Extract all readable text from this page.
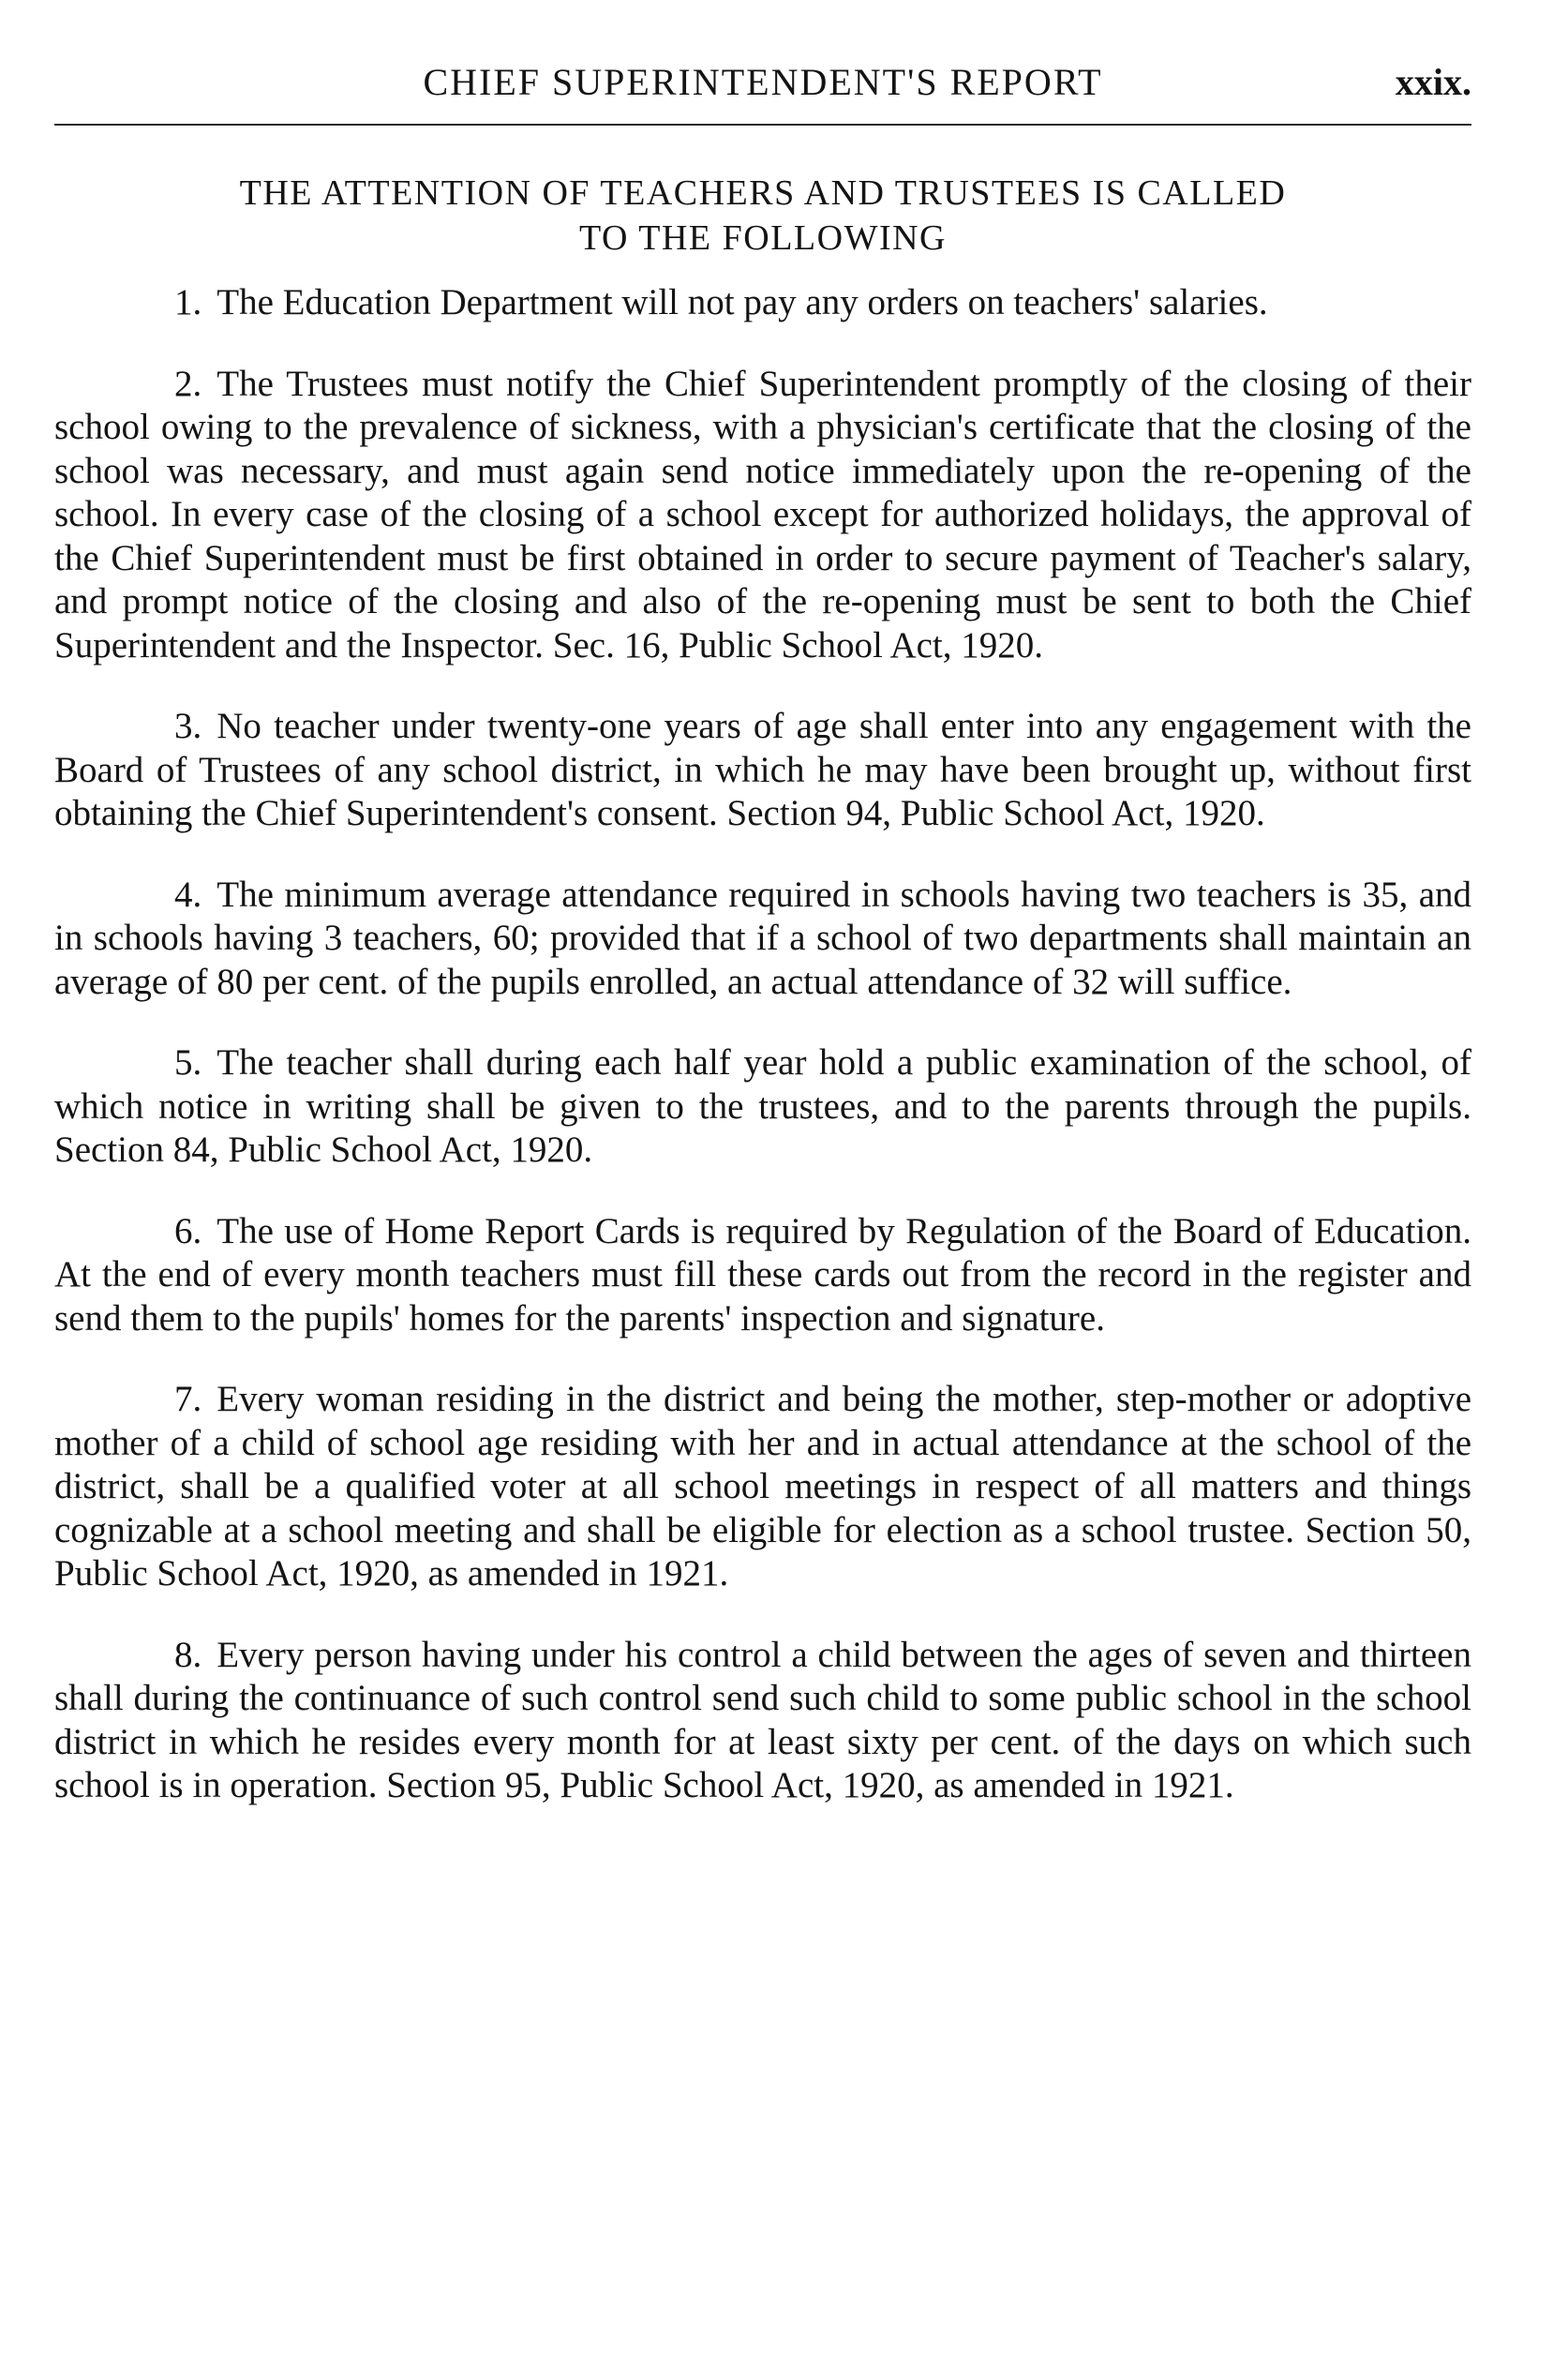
CHIEF SUPERINTENDENT'S REPORT	xxix.
THE ATTENTION OF TEACHERS AND TRUSTEES IS CALLED
TO THE FOLLOWING

1. The Education Department will not pay any orders on teachers' salaries.

2. The Trustees must notify the Chief Superintendent promptly of the closing of their school owing to the prevalence of sickness, with a physician's certificate that the closing of the school was necessary, and must again send notice immediately upon the re-opening of the school. In every case of the closing of a school except for authorized holidays, the approval of the Chief Superintendent must be first obtained in order to secure payment of Teacher's salary, and prompt notice of the closing and also of the re-opening must be sent to both the Chief Superintendent and the Inspector. Sec. 16, Public School Act, 1920.

3. No teacher under twenty-one years of age shall enter into any engagement with the Board of Trustees of any school district, in which he may have been brought up, without first obtaining the Chief Superintendent's consent. Section 94, Public School Act, 1920.

4. The minimum average attendance required in schools having two teachers is 35, and in schools having 3 teachers, 60; provided that if a school of two departments shall maintain an average of 80 per cent. of the pupils enrolled, an actual attendance of 32 will suffice.

5. The teacher shall during each half year hold a public examination of the school, of which notice in writing shall be given to the trustees, and to the parents through the pupils. Section 84, Public School Act, 1920.

6. The use of Home Report Cards is required by Regulation of the Board of Education. At the end of every month teachers must fill these cards out from the record in the register and send them to the pupils' homes for the parents' inspection and signature.

7. Every woman residing in the district and being the mother, step-mother or adoptive mother of a child of school age residing with her and in actual attendance at the school of the district, shall be a qualified voter at all school meetings in respect of all matters and things cognizable at a school meeting and shall be eligible for election as a school trustee. Section 50, Public School Act, 1920, as amended in 1921.

8. Every person having under his control a child between the ages of seven and thirteen shall during the continuance of such control send such child to some public school in the school district in which he resides every month for at least sixty per cent. of the days on which such school is in operation. Section 95, Public School Act, 1920, as amended in 1921.
